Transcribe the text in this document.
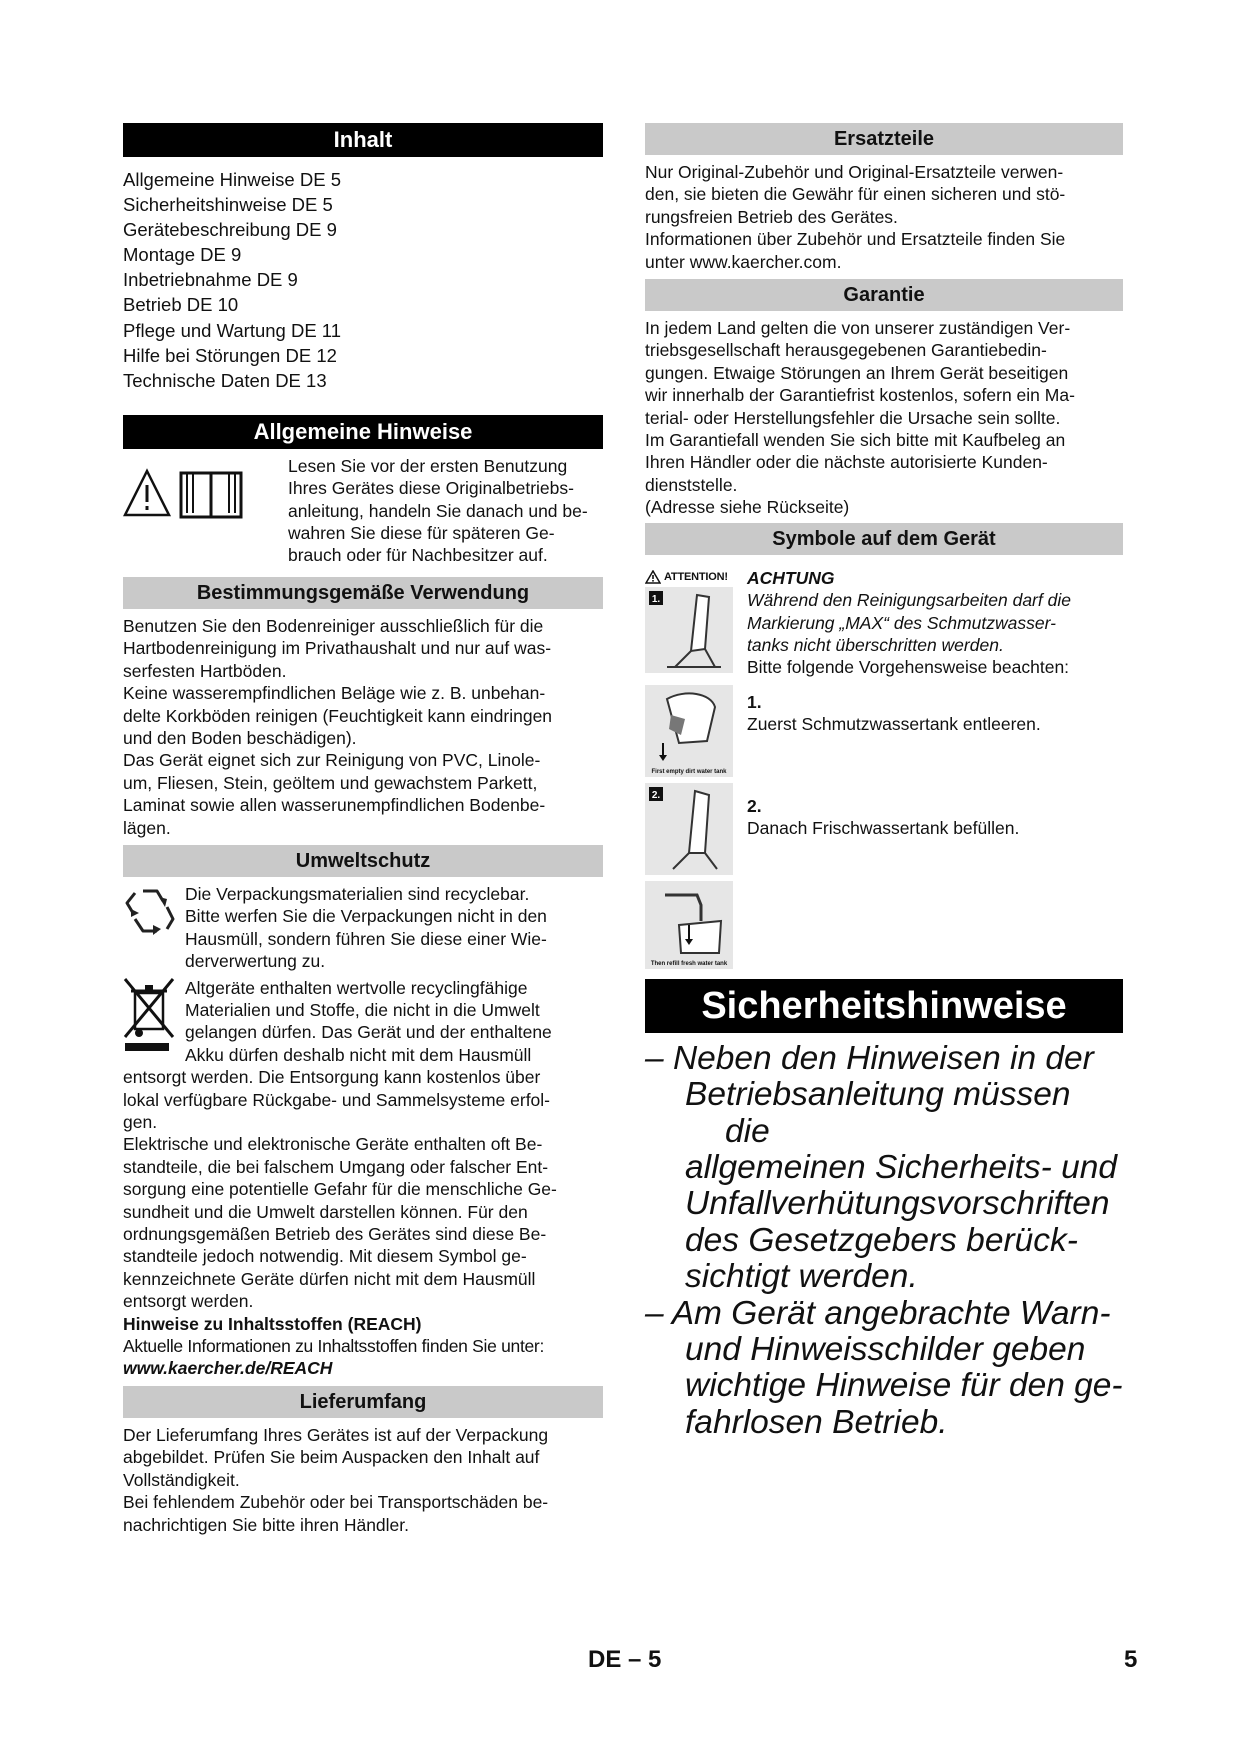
Inhalt
Allgemeine Hinweise DE 5
Sicherheitshinweise DE 5
Gerätebeschreibung DE 9
Montage DE 9
Inbetriebnahme DE 9
Betrieb DE 10
Pflege und Wartung DE 11
Hilfe bei Störungen DE 12
Technische Daten DE 13
Allgemeine Hinweise
Lesen Sie vor der ersten Benutzung
Ihres Gerätes diese Originalbetriebs-
anleitung, handeln Sie danach und be-
wahren Sie diese für späteren Ge-
brauch oder für Nachbesitzer auf.
Bestimmungsgemäße Verwendung
Benutzen Sie den Bodenreiniger ausschließlich für die
Hartbodenreinigung im Privathaushalt und nur auf was-
serfesten Hartböden.
Keine wasserempfindlichen Beläge wie z. B. unbehan-
delte Korkböden reinigen (Feuchtigkeit kann eindringen
und den Boden beschädigen).
Das Gerät eignet sich zur Reinigung von PVC, Linole-
um, Fliesen, Stein, geöltem und gewachstem Parkett,
Laminat sowie allen wasserunempfindlichen Bodenbe-
lägen.
Umweltschutz
Die Verpackungsmaterialien sind recyclebar.
Bitte werfen Sie die Verpackungen nicht in den
Hausmüll, sondern führen Sie diese einer Wie-
derverwertung zu.
Altgeräte enthalten wertvolle recyclingfähige
Materialien und Stoffe, die nicht in die Umwelt
gelangen dürfen. Das Gerät und der enthaltene
Akku dürfen deshalb nicht mit dem Hausmüll
entsorgt werden. Die Entsorgung kann kostenlos über
lokal verfügbare Rückgabe- und Sammelsysteme erfol-
gen.
Elektrische und elektronische Geräte enthalten oft Be-
standteile, die bei falschem Umgang oder falscher Ent-
sorgung eine potentielle Gefahr für die menschliche Ge-
sundheit und die Umwelt darstellen können. Für den
ordnungsgemäßen Betrieb des Gerätes sind diese Be-
standteile jedoch notwendig. Mit diesem Symbol ge-
kennzeichnete Geräte dürfen nicht mit dem Hausmüll
entsorgt werden.
Hinweise zu Inhaltsstoffen (REACH)
Aktuelle Informationen zu Inhaltsstoffen finden Sie unter:
www.kaercher.de/REACH
Lieferumfang
Der Lieferumfang Ihres Gerätes ist auf der Verpackung
abgebildet. Prüfen Sie beim Auspacken den Inhalt auf
Vollständigkeit.
Bei fehlendem Zubehör oder bei Transportschäden be-
nachrichtigen Sie bitte ihren Händler.
Ersatzteile
Nur Original-Zubehör und Original-Ersatzteile verwen-
den, sie bieten die Gewähr für einen sicheren und stö-
rungsfreien Betrieb des Gerätes.
Informationen über Zubehör und Ersatzteile finden Sie
unter www.kaercher.com.
Garantie
In jedem Land gelten die von unserer zuständigen Ver-
triebsgesellschaft herausgegebenen Garantiebedin-
gungen. Etwaige Störungen an Ihrem Gerät beseitigen
wir innerhalb der Garantiefrist kostenlos, sofern ein Ma-
terial- oder Herstellungsfehler die Ursache sein sollte.
Im Garantiefall wenden Sie sich bitte mit Kaufbeleg an
Ihren Händler oder die nächste autorisierte Kunden-
dienststelle.
(Adresse siehe Rückseite)
Symbole auf dem Gerät
ATTENTION!
1.
ACHTUNG
Während den Reinigungsarbeiten darf die
Markierung „MAX“ des Schmutzwasser-
tanks nicht überschritten werden.
Bitte folgende Vorgehensweise beachten:
First empty dirt water tank
1.
Zuerst Schmutzwassertank entleeren.
2.
2.
Danach Frischwassertank befüllen.
Then refill fresh water tank
Sicherheitshinweise
– Neben den Hinweisen in der
Betriebsanleitung müssen die
allgemeinen Sicherheits- und
Unfallverhütungsvorschriften
des Gesetzgebers berück-
sichtigt werden.
– Am Gerät angebrachte Warn-
und Hinweisschilder geben
wichtige Hinweise für den ge-
fahrlosen Betrieb.
DE – 5	5
